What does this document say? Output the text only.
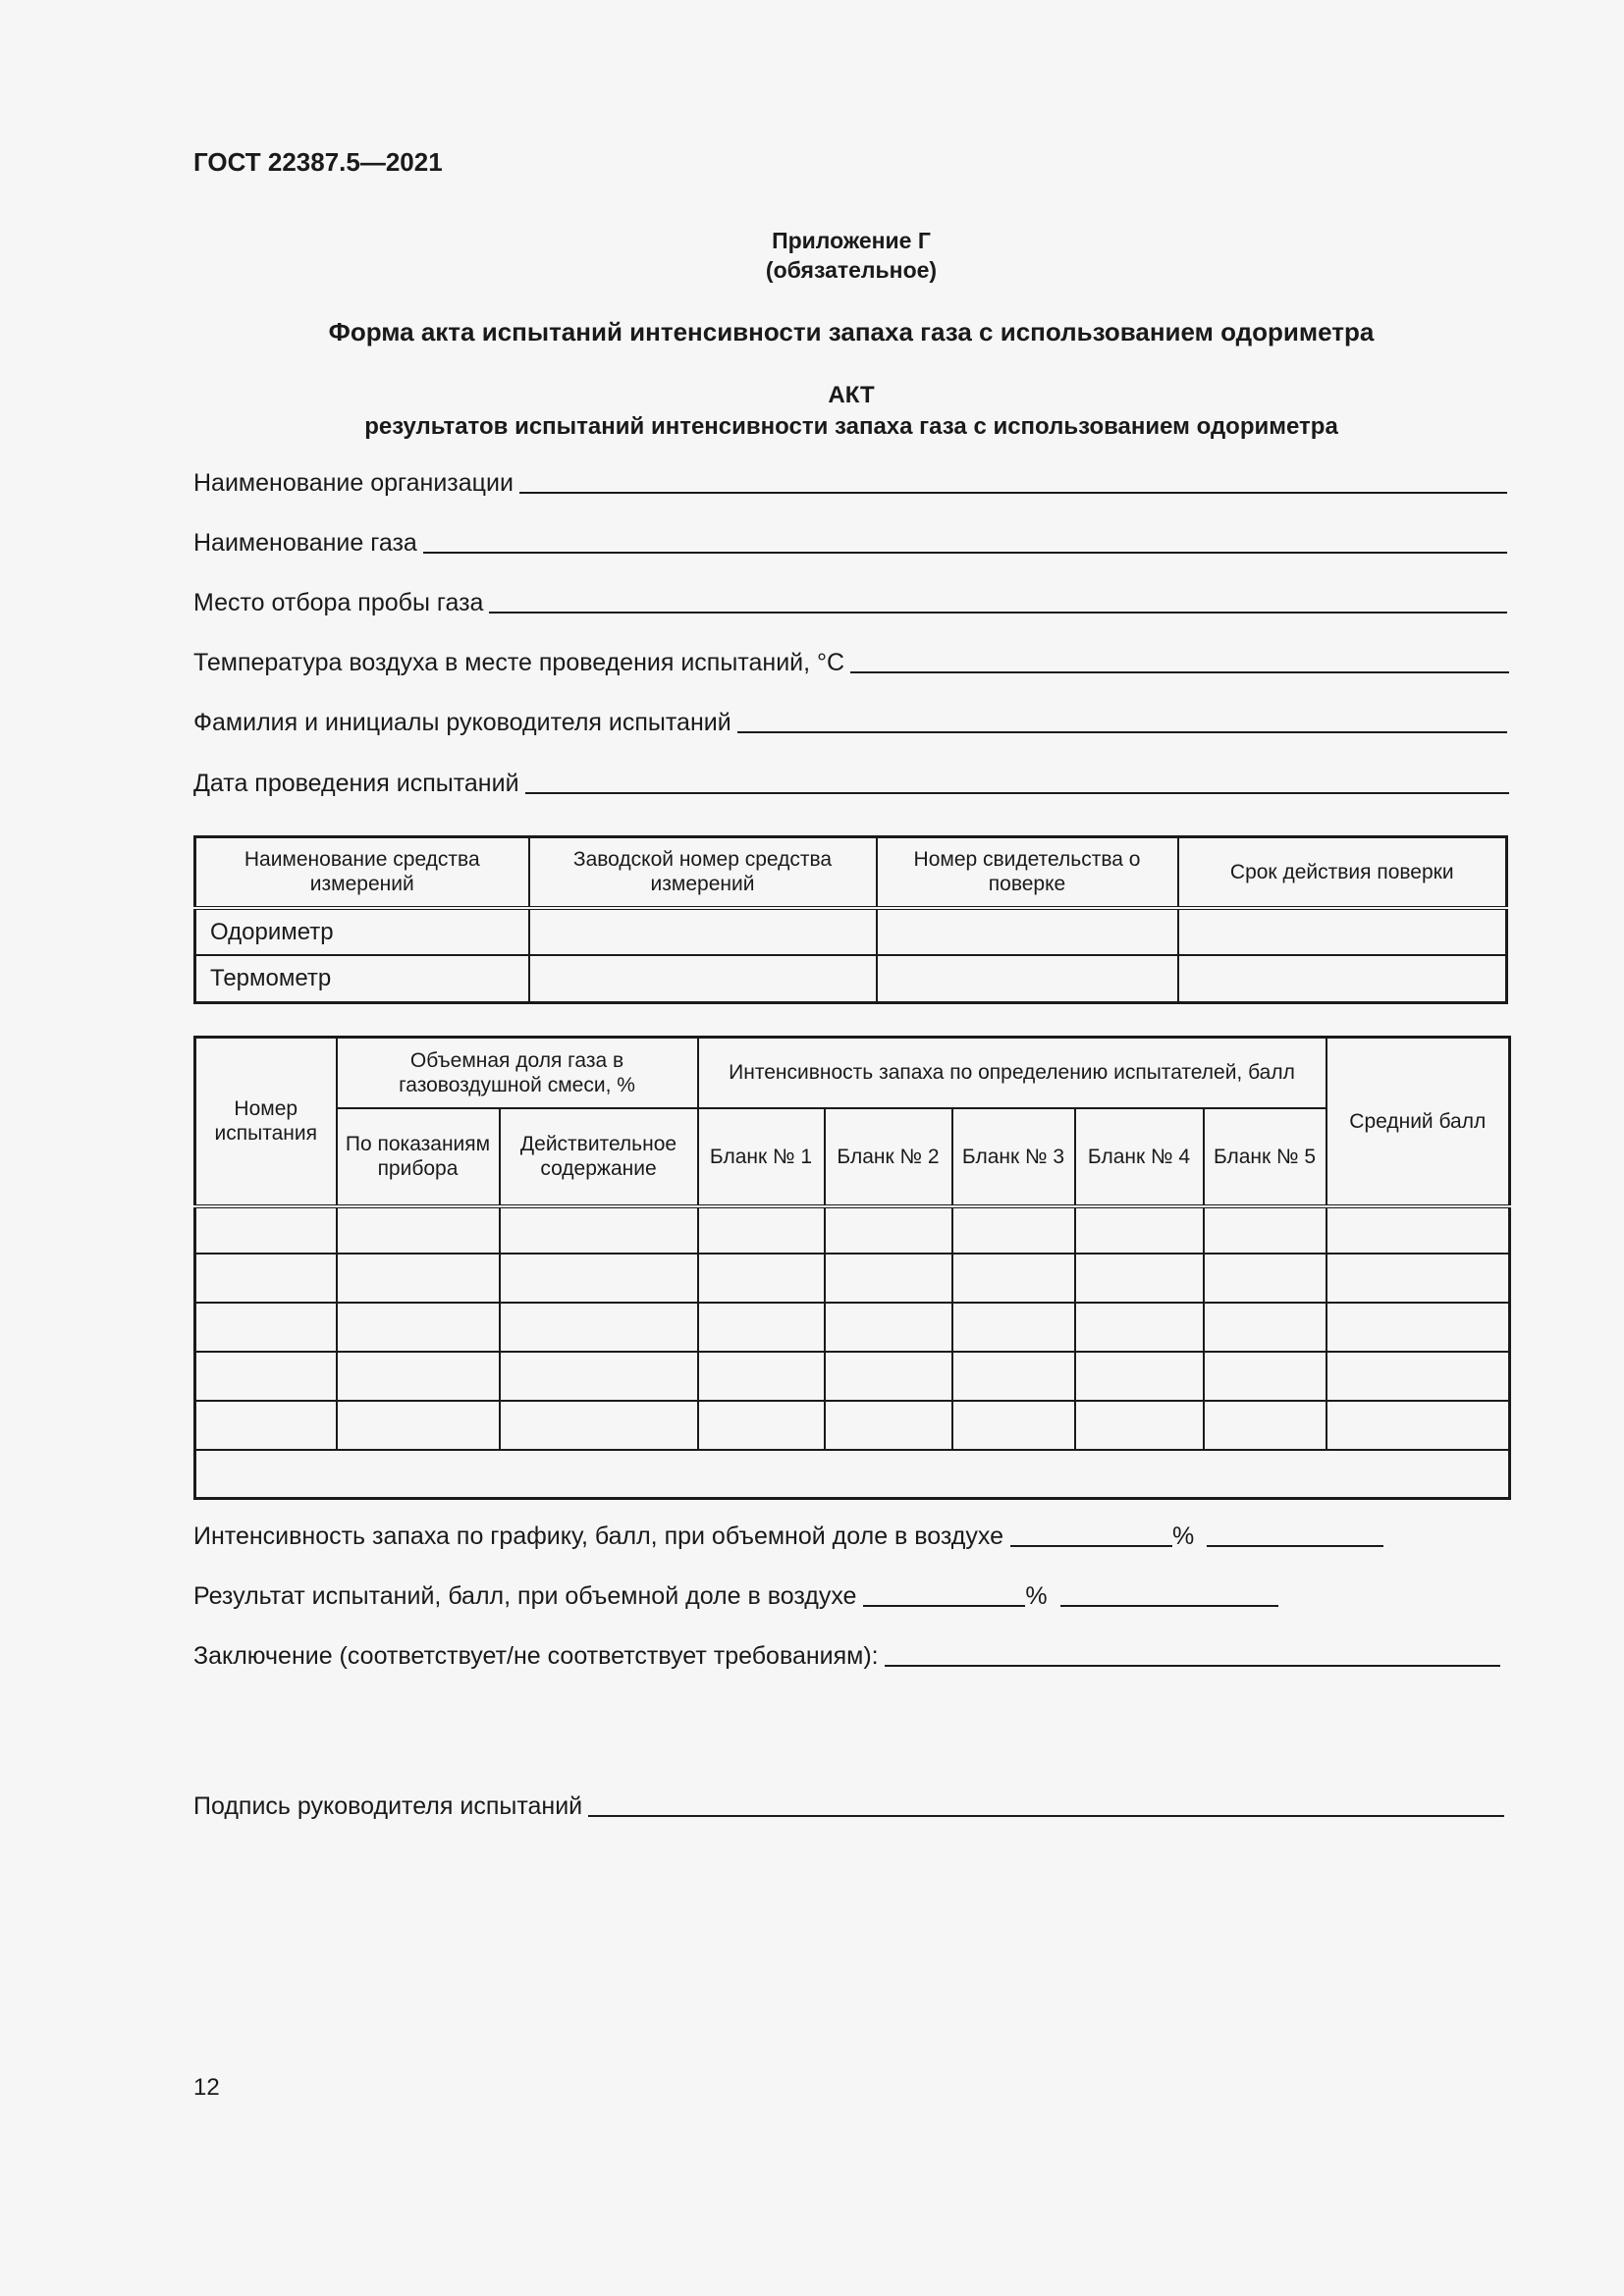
ГОСТ 22387.5—2021
Приложение Г
(обязательное)
Форма акта испытаний интенсивности запаха газа с использованием одориметра
АКТ
результатов испытаний интенсивности запаха газа с использованием одориметра
Наименование организации
Наименование газа
Место отбора пробы газа
Температура воздуха в месте проведения испытаний, °С
Фамилия и инициалы руководителя испытаний
Дата проведения испытаний
Наименование средства измерений	Заводской номер средства измерений	Номер свидетельства о поверке	Срок действия поверки
Одориметр			
Термометр			
Номер испытания	Объемная доля газа в газовоздушной смеси, %		Интенсивность запаха по определению испытателей, балл					Средний балл
	По показаниям прибора	Действительное содержание	Бланк № 1	Бланк № 2	Бланк № 3	Бланк № 4	Бланк № 5	

Интенсивность запаха по графику, балл, при объемной доле в воздухе	%
Результат испытаний, балл, при объемной доле в воздухе	%
Заключение (соответствует/не соответствует требованиям):
Подпись руководителя испытаний
12
